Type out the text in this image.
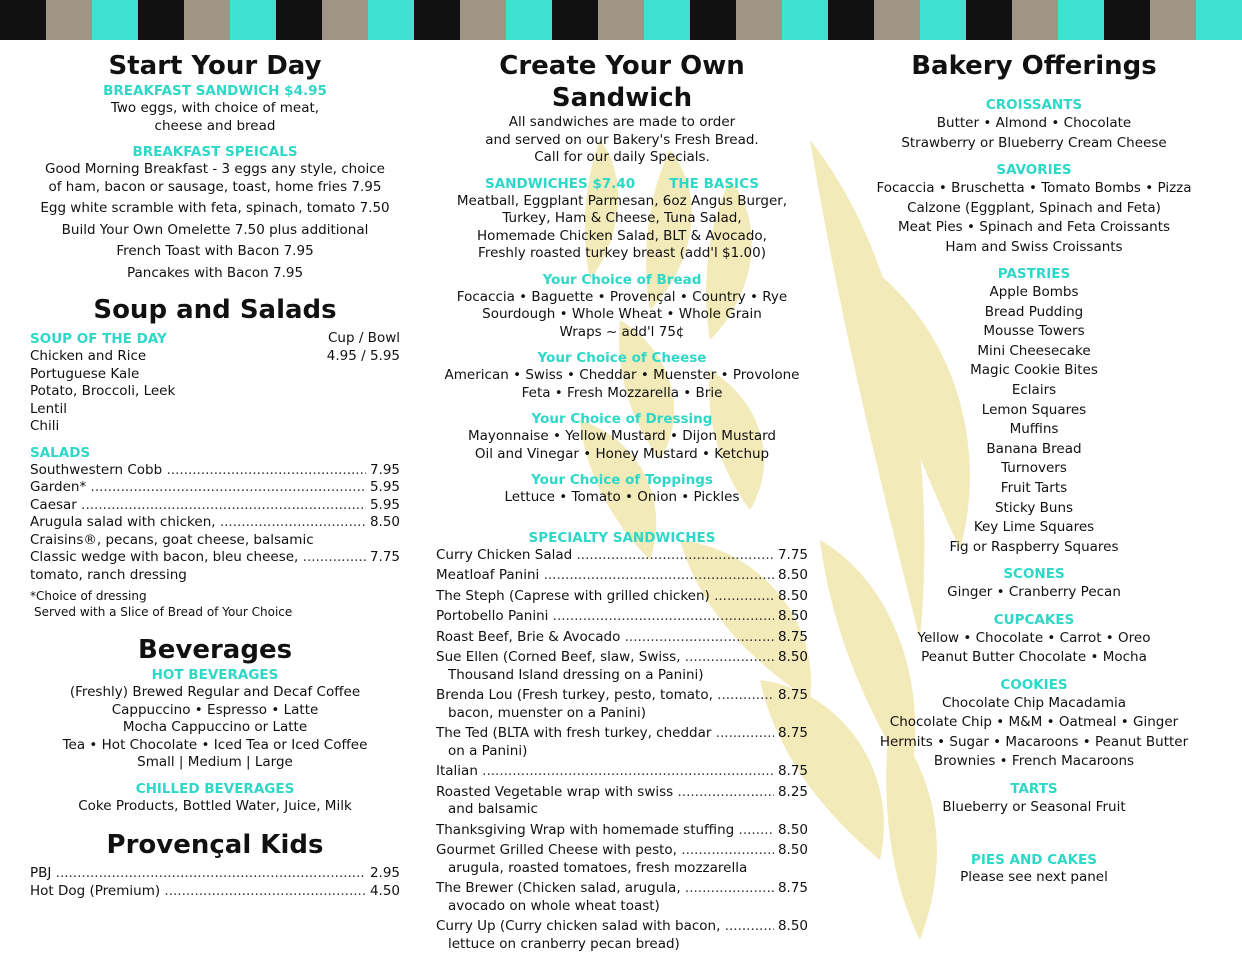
Start Your Day
BREAKFAST SANDWICH $4.95
Two eggs, with choice of meat,
cheese and bread
BREAKFAST SPEICALS
Good Morning Breakfast - 3 eggs any style, choice
of ham, bacon or sausage, toast, home fries 7.95
Egg white scramble with feta, spinach, tomato 7.50
Build Your Own Omelette 7.50 plus additional
French Toast with Bacon 7.95
Pancakes with Bacon 7.95
Soup and Salads
SOUP OF THE DAY	Cup / Bowl
Chicken and Rice	4.95 / 5.95
Portuguese Kale
Potato, Broccoli, Leek
Lentil
Chili
SALADS
Southwestern Cobb .....	7.95
Garden* .....	5.95
Caesar .....	5.95
Arugula salad with chicken, .....	8.50
Craisins®, pecans, goat cheese, balsamic
Classic wedge with bacon, bleu cheese, .....	7.75
tomato, ranch dressing
*Choice of dressing
Served with a Slice of Bread of Your Choice
Beverages
HOT BEVERAGES
(Freshly) Brewed Regular and Decaf Coffee
Cappuccino • Espresso • Latte
Mocha Cappuccino or Latte
Tea • Hot Chocolate • Iced Tea or Iced Coffee
Small | Medium | Large
CHILLED BEVERAGES
Coke Products, Bottled Water, Juice, Milk
Provençal Kids
PBJ .....	2.95
Hot Dog (Premium) .....	4.50
Create Your Own Sandwich
All sandwiches are made to order
and served on our Bakery's Fresh Bread.
Call for our daily Specials.
SANDWICHES $7.40	THE BASICS
Meatball, Eggplant Parmesan, 6oz Angus Burger,
Turkey, Ham & Cheese, Tuna Salad,
Homemade Chicken Salad, BLT & Avocado,
Freshly roasted turkey breast (add'l $1.00)
Your Choice of Bread
Focaccia • Baguette • Provençal • Country • Rye
Sourdough • Whole Wheat • Whole Grain
Wraps ~ add'l 75¢
Your Choice of Cheese
American • Swiss • Cheddar • Muenster • Provolone
Feta • Fresh Mozzarella • Brie
Your Choice of Dressing
Mayonnaise • Yellow Mustard • Dijon Mustard
Oil and Vinegar • Honey Mustard • Ketchup
Your Choice of Toppings
Lettuce • Tomato • Onion • Pickles
SPECIALTY SANDWICHES
Curry Chicken Salad .....	7.75
Meatloaf Panini .....	8.50
The Steph (Caprese with grilled chicken) .....	8.50
Portobello Panini .....	8.50
Roast Beef, Brie & Avocado .....	8.75
Sue Ellen (Corned Beef, slaw, Swiss, .....	8.50
Thousand Island dressing on a Panini)
Brenda Lou (Fresh turkey, pesto, tomato, .....	8.75
bacon, muenster on a Panini)
The Ted (BLTA with fresh turkey, cheddar .....	8.75
on a Panini)
Italian .....	8.75
Roasted Vegetable wrap with swiss .....	8.25
and balsamic
Thanksgiving Wrap with homemade stuffing .....	8.50
Gourmet Grilled Cheese with pesto, .....	8.50
arugula, roasted tomatoes, fresh mozzarella
The Brewer (Chicken salad, arugula, .....	8.75
avocado on whole wheat toast)
Curry Up (Curry chicken salad with bacon, .....	8.50
lettuce on cranberry pecan bread)
Bakery Offerings
CROISSANTS
Butter • Almond • Chocolate
Strawberry or Blueberry Cream Cheese
SAVORIES
Focaccia • Bruschetta • Tomato Bombs • Pizza
Calzone (Eggplant, Spinach and Feta)
Meat Pies • Spinach and Feta Croissants
Ham and Swiss Croissants
PASTRIES
Apple Bombs
Bread Pudding
Mousse Towers
Mini Cheesecake
Magic Cookie Bites
Eclairs
Lemon Squares
Muffins
Banana Bread
Turnovers
Fruit Tarts
Sticky Buns
Key Lime Squares
Fig or Raspberry Squares
SCONES
Ginger • Cranberry Pecan
CUPCAKES
Yellow • Chocolate • Carrot • Oreo
Peanut Butter Chocolate • Mocha
COOKIES
Chocolate Chip Macadamia
Chocolate Chip • M&M • Oatmeal • Ginger
Hermits • Sugar • Macaroons • Peanut Butter
Brownies • French Macaroons
TARTS
Blueberry or Seasonal Fruit
PIES AND CAKES
Please see next panel
